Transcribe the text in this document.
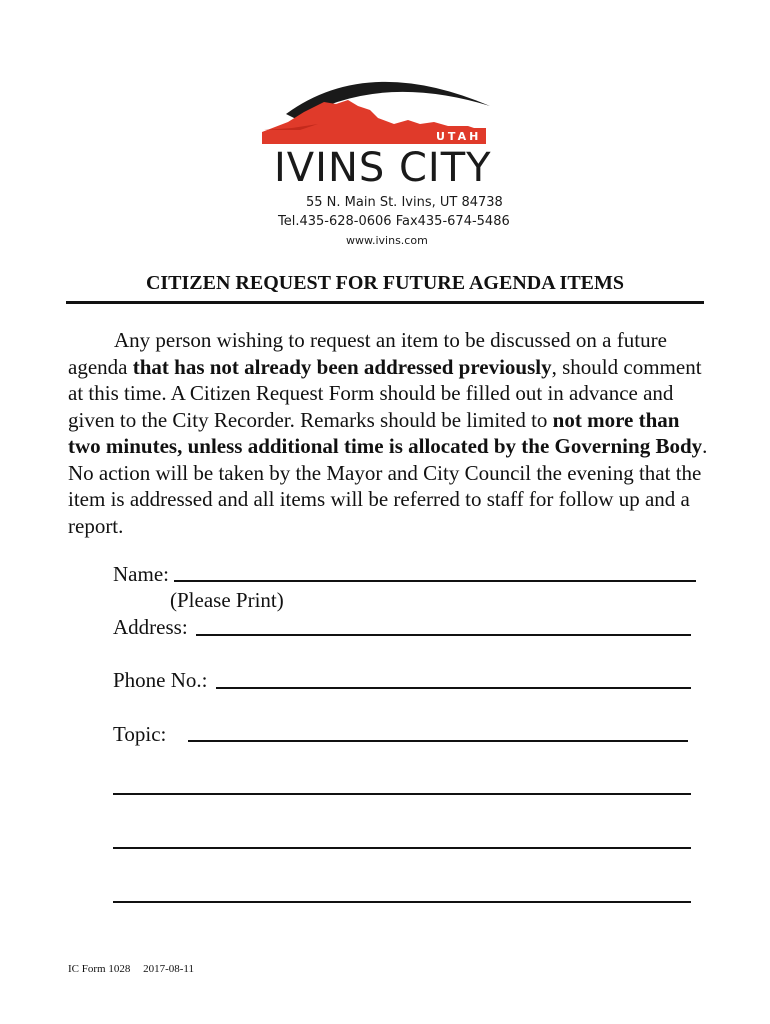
UTAH
IVINS CITY
55 N. Main St. Ivins, UT 84738
Tel.435-628-0606 Fax435-674-5486
www.ivins.com
CITIZEN REQUEST FOR FUTURE AGENDA ITEMS
Any person wishing to request an item to be discussed on a future agenda that has not already been addressed previously, should comment at this time. A Citizen Request Form should be filled out in advance and given to the City Recorder. Remarks should be limited to not more than two minutes, unless additional time is allocated by the Governing Body. No action will be taken by the Mayor and City Council the evening that the item is addressed and all items will be referred to staff for follow up and a report.
Name:
(Please Print)
Address:
Phone No.:
Topic:
IC Form 1028 2017-08-11
